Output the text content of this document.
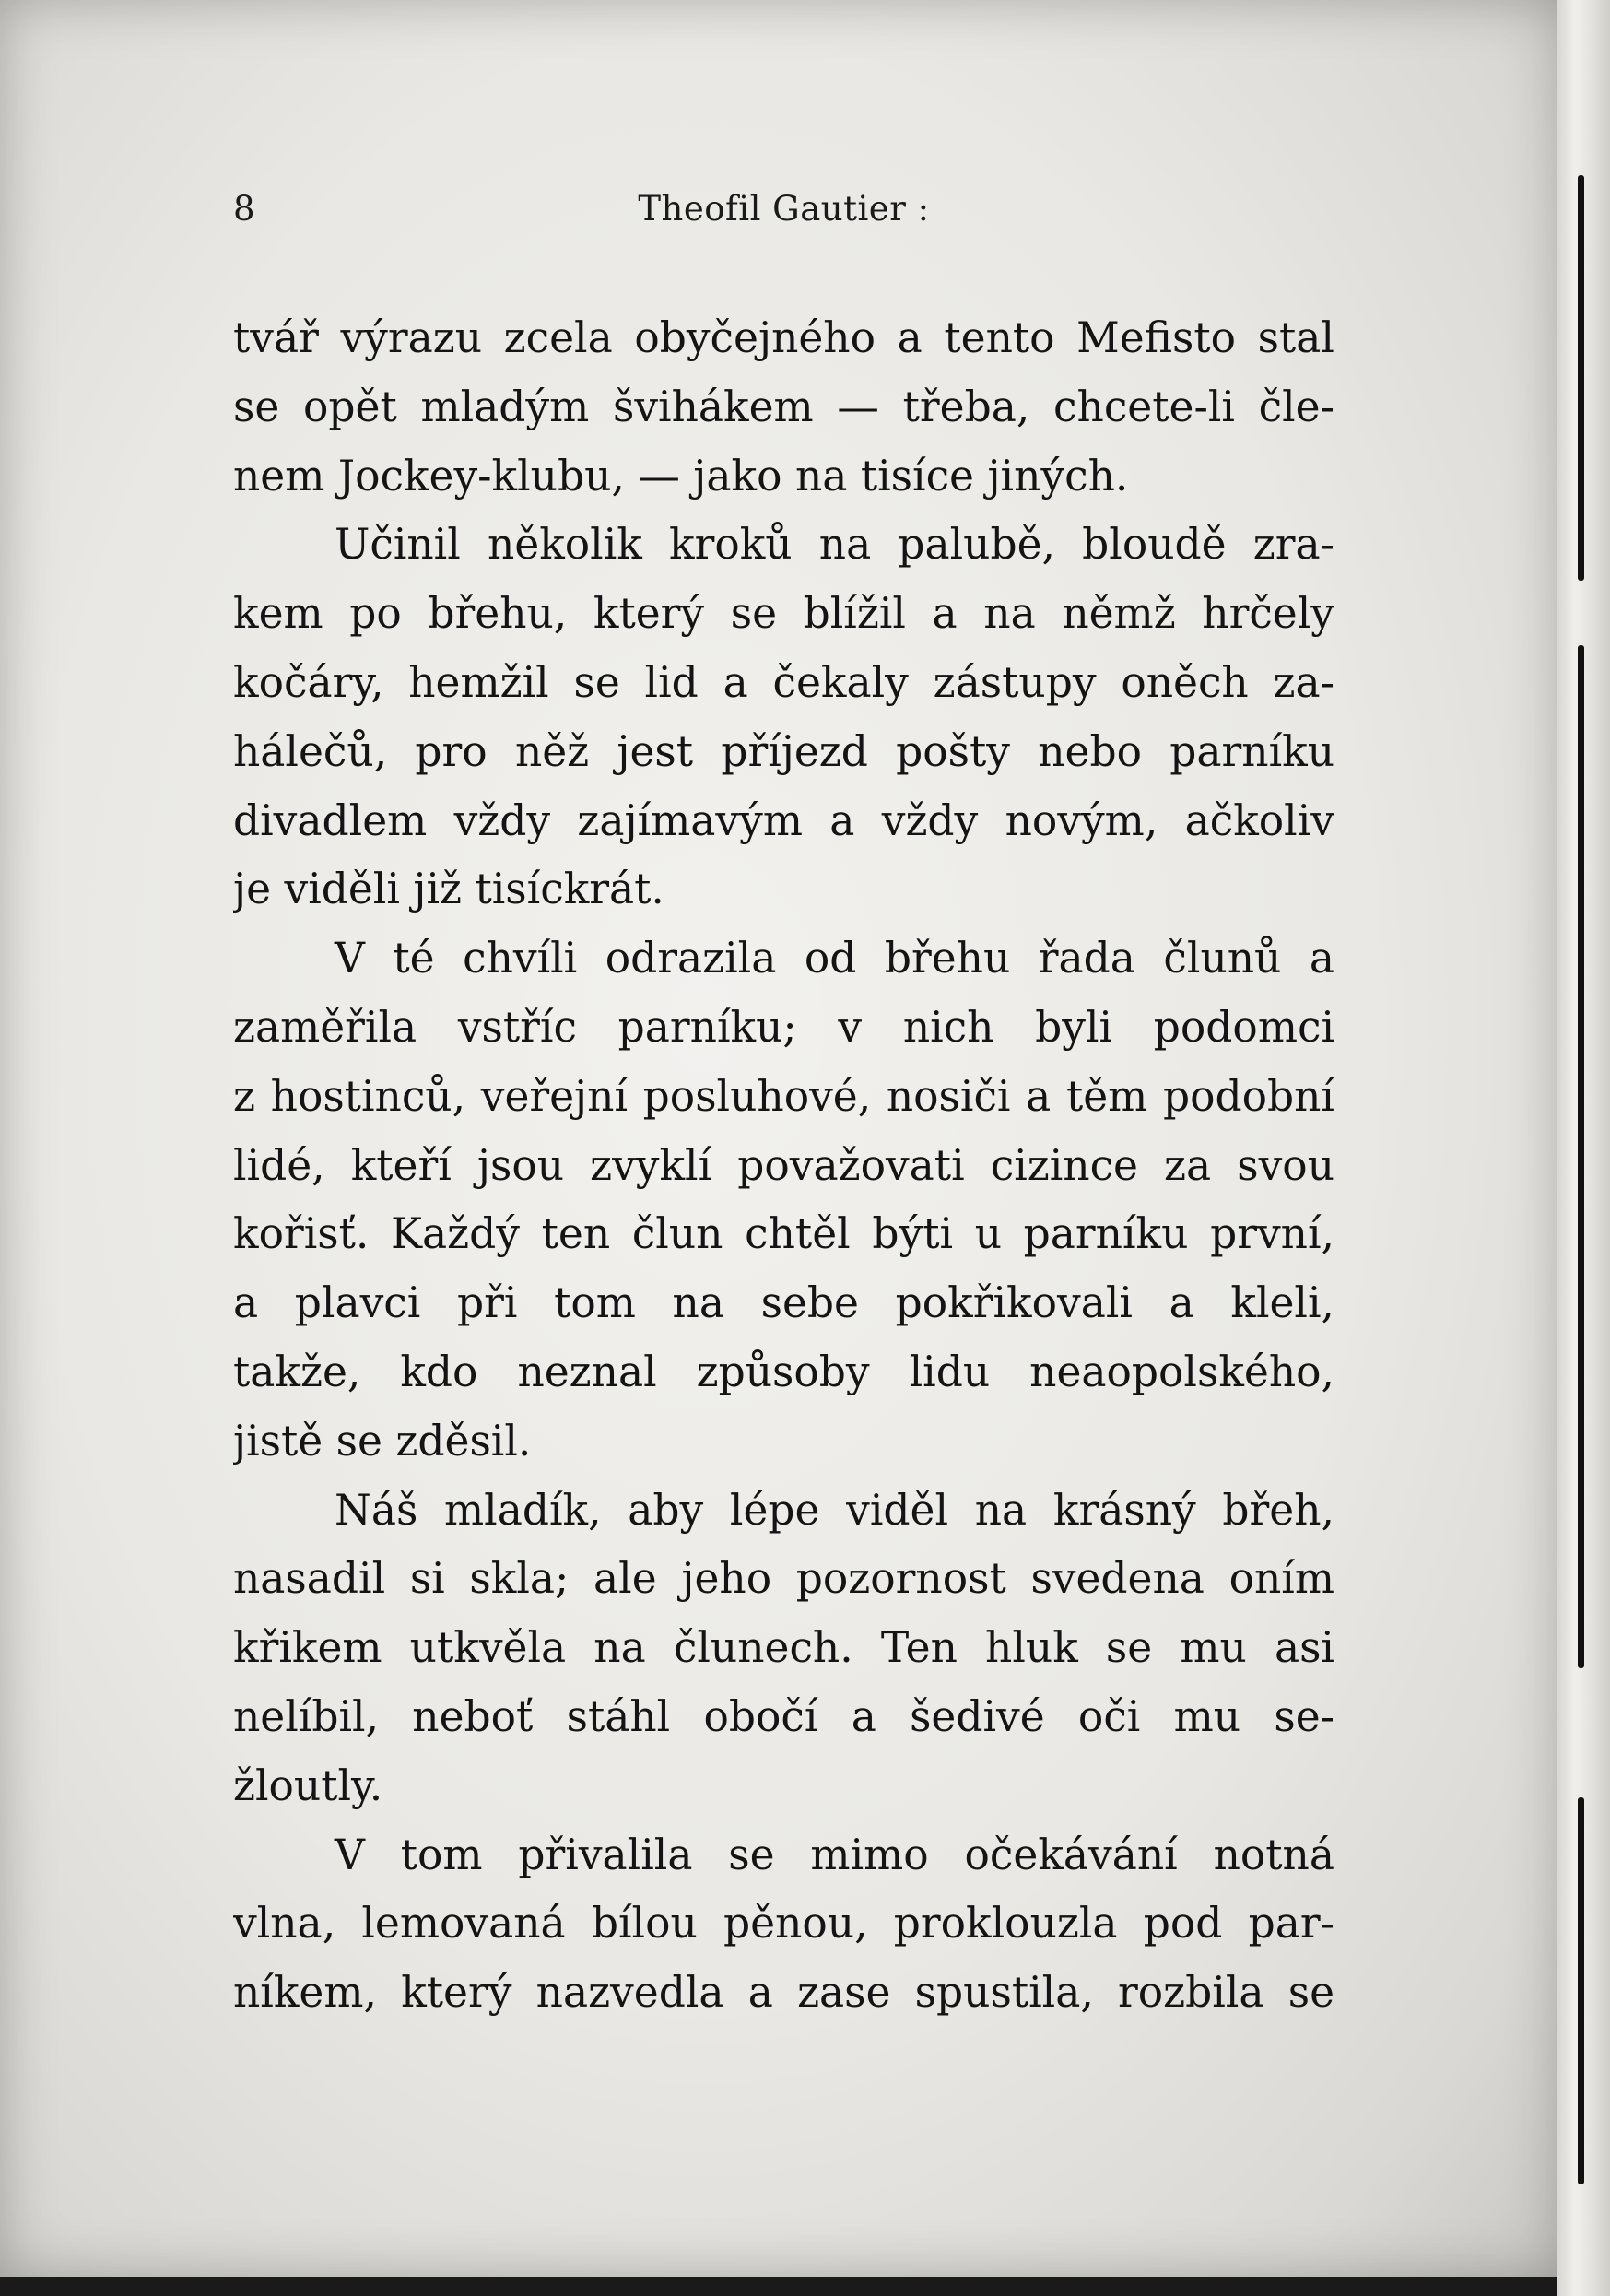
8	Theofil Gautier :
tvář výrazu zcela obyčejného a tento Mefisto stal
se opět mladým švihákem — třeba, chcete-li čle-
nem Jockey-klubu, — jako na tisíce jiných.
Učinil několik kroků na palubě, bloudě zra-
kem po břehu, který se blížil a na němž hrčely
kočáry, hemžil se lid a čekaly zástupy oněch za-
hálečů, pro něž jest příjezd pošty nebo parníku
divadlem vždy zajímavým a vždy novým, ačkoliv
je viděli již tisíckrát.
V té chvíli odrazila od břehu řada člunů a
zaměřila vstříc parníku; v nich byli podomci
z hostinců, veřejní posluhové, nosiči a těm podobní
lidé, kteří jsou zvyklí považovati cizince za svou
kořisť. Každý ten člun chtěl býti u parníku první,
a plavci při tom na sebe pokřikovali a kleli,
takže, kdo neznal způsoby lidu neaopolského,
jistě se zděsil.
Náš mladík, aby lépe viděl na krásný břeh,
nasadil si skla; ale jeho pozornost svedena oním
křikem utkvěla na člunech. Ten hluk se mu asi
nelíbil, neboť stáhl obočí a šedivé oči mu se-
žloutly.
V tom přivalila se mimo očekávání notná
vlna, lemovaná bílou pěnou, proklouzla pod par-
níkem, který nazvedla a zase spustila, rozbila se
